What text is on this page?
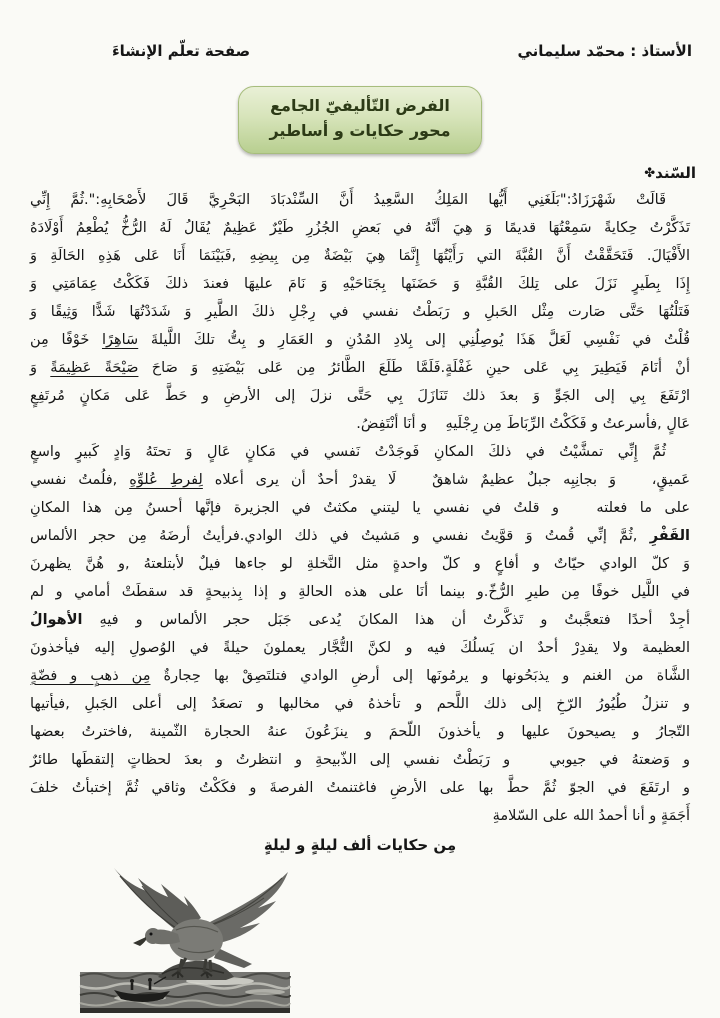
الأستاذ : محمّد سليماني
صفحة تعلّم الإنشاءَ
الفرض التّأليفيّ الجامع
محور حكايات و أساطير
السّند✤
قَالَتْ شَهْرَزَادُ:"بَلَغَنِي أَيُّها المَلِكُ السَّعِيدُ أَنَّ السِّنْدبَادَ البَحْرِيَّ قَالَ لأَصْحَابِهِ:".ثُمَّ إِنِّي
تَذَكَّرْتُ حِكايةً سَمِعْتُهَا قديمًا وَ هِيَ أنَّهُ في بَعضِ الجُزُرِ طَيْرٌ عَظِيمٌ يُقَالُ لَهُ الرُّخُّ يُطْعِمُ أَوْلَادَهُ
الأَفْيَالَ. فَتَحَقَّقْتُ أَنَّ القُبَّةَ التي رَأَيْتُهَا إِنَّمَا هِيَ بَيْضَةٌ مِن بِيضِهِ ,فَبَيْنَمَا أَنَا عَلى هَذِهِ الحَالَةِ وَ
إِذَا بِطَيرٍ نَزَلَ على تِلكَ القُبَّةِ وَ حَضَنَها بِجَنَاحَيْهِ وَ نَامَ عليهَا فعندَ ذلكَ فَكَكْتُ عِمَامَتِي وَ
فَتَلْتُهَا حَتَّى صَارت مِثْل الحَبلِ و رَبَطْتُ نفسي في رِجْلِ ذلكَ الطَّيرِ وَ شَدَدْتُهَا شَدًّا وَثِيقًا وَ
قُلْتُ في نَفْسِي لَعَلَّ هَذَا يُوصِلُنِي إلى بِلادِ المُدُنِ و العَمَارِ و بِتُّ تلكَ اللَّيلةَ سَاهِرًا خَوْفًا مِن
أنْ أنَامَ فَيَطِيرَ بِي عَلى حينِ غَفْلَةٍ.فَلَمَّا طَلَعَ الطَّائرُ مِن عَلى بَيْضَتِهِ وَ صَاحَ صَيْحَةً عَظِيمَةً وَ
ارْتَفَعَ بِي إلى الجَوِّ وَ بعدَ ذلك تَنَازَلَ بِي حَتَّى نزلَ إلى الأرضِ و حَطَّ عَلى مَكانٍ مُرتَفِعٍ
عَالٍ ,فأسرعتُ و فَكَكْتُ الرِّبَاطَ مِن رِجْلَيهِ    و أنَا أنْتَفِضُ.
ثُمَّ إِنِّي تمشَّيْتُ في ذلكَ المكانِ فَوجَدْتُ نَفسي في مَكانٍ عَالٍ وَ تحتَهُ وَادٍ كَبيرٍ واسعٍ
عَميقٍ،   وَ بجانِبِه جبلٌ عظيمٌ شاهقٌ   لَا يقدرْ أحدٌ أن يرى أعلاه لِفرطِ عُلوِّهِ ,فلُمتُ نفسي
على ما فعلته   و قلتُ في نفسي يا ليتني مكثتُ في الجزيرة فإنَّها أحسنُ مِن هذا المكانِ
القَفْرِ ,ثُمَّ إنِّي قُمتُ وَ قوَّيتُ نفسي و مَشيتُ في ذلك الوادي.فرأيتُ أرضَهُ مِن حجر الألماس
وَ كلّ الوادي حيّاتٌ و أفاعٍ و كلّ واحدةٍ مثل النَّخلةِ لو جاءها فيلٌ لأبتلعتهُ ,و هُنَّ يظهرنَ
في اللَّيل خوفًا مِن طيرِ الرُّخّ.و بينما أنَا على هذه الحالةِ و إذا بِذبيحةٍ قد سقطَتْ أمامي و لم
أجِدْ أحدًا فتعجَّبتُ و تَذكَّرتُ أن هذا المكانَ يُدعى جَبَل حجر الألماس و فيهِ الأهوالُ
العظيمة ولا يقدِرْ أحدٌ ان يَسلُكَ فيه و لكنَّ التُّجَّار يعملونَ حيلةً في الوُصولِ إليه فيأخذونَ
الشَّاة من الغنم و يذبَحُونها و يرمُونَها إلى أرضِ الوادي فتلتَصِقْ بها حِجارةٌ مِن ذهبٍ و فضّةٍ
و تنزلُ طُيُورُ الرّخِ إلى ذلك اللَّحم و تأخذهُ في مخالبها و تصعَدُ إلى أعلى الجَبلِ ,فيأتيها
التّجارُ و يصيحونَ عليها و يأخذونَ اللّحمَ و ينزَعُونَ عنهُ الحجارة الثّمينة ,فاخترتُ بعضها
و وَضعتهُ في جيوبي   و رَبَطْتُ نفسي إلى الذّبيحةِ و انتظرتُ و بعدَ لحظاتٍ إلتقطَها طائرٌ
و ارتَفَعَ في الجوّ ثُمَّ حطَّ بها على الأرضِ فاغتنمتُ الفرصةَ و فكَكْتُ وثاقي ثُمَّ إختبأتُ خلفَ
أَجَمَةٍ و أنا أحمدُ الله على السّلامةِ
مِن حكايات ألف ليلةٍ و ليلةٍ
